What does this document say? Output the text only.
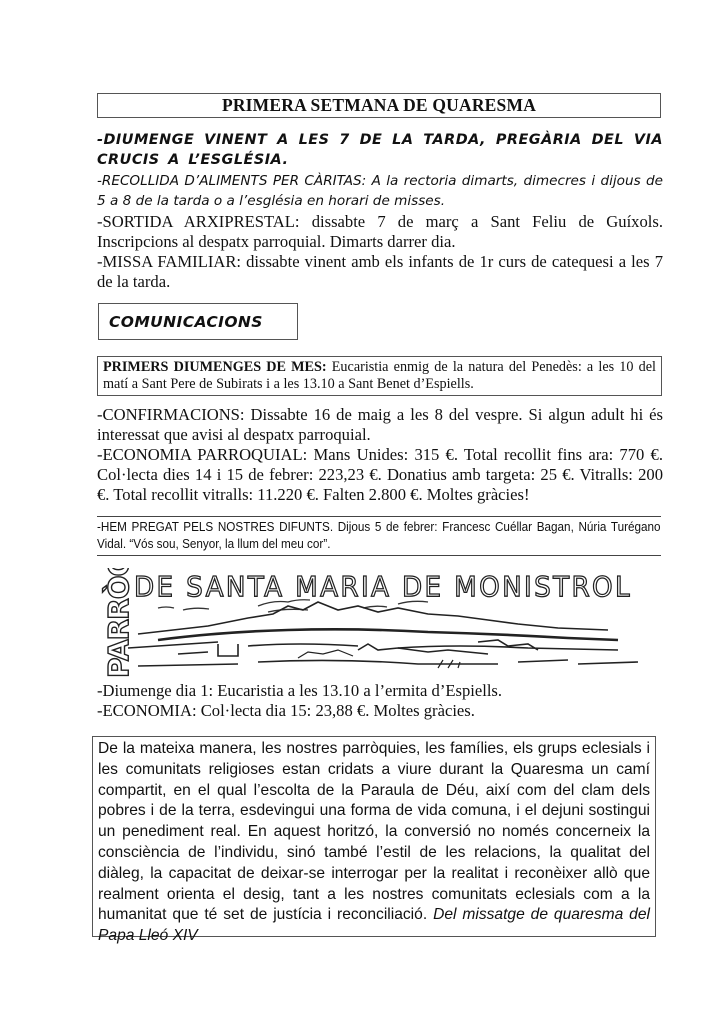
PRIMERA SETMANA DE QUARESMA
-DIUMENGE VINENT A LES 7 DE LA TARDA, PREGÀRIA DEL VIA CRUCIS A L’ESGLÉSIA.
-RECOLLIDA D’ALIMENTS PER CÀRITAS: A la rectoria dimarts, dimecres i dijous de 5 a 8 de la tarda o a l’església en horari de misses.
-SORTIDA ARXIPRESTAL: dissabte 7 de març a Sant Feliu de Guíxols. Inscripcions al despatx parroquial. Dimarts darrer dia.
-MISSA FAMILIAR: dissabte vinent amb els infants de 1r curs de catequesi a les 7 de la tarda.
COMUNICACIONS
PRIMERS DIUMENGES DE MES: Eucaristia enmig de la natura del Penedès: a les 10 del matí a Sant Pere de Subirats i a les 13.10 a Sant Benet d’Espiells.
-CONFIRMACIONS: Dissabte 16 de maig a les 8 del vespre. Si algun adult hi és interessat que avisi al despatx parroquial.
-ECONOMIA PARROQUIAL: Mans Unides: 315 €. Total recollit fins ara: 770 €. Col·lecta dies 14 i 15 de febrer: 223,23 €. Donatius amb targeta: 25 €. Vitralls: 200 €. Total recollit vitralls: 11.220 €. Falten 2.800 €. Moltes gràcies!
-HEM PREGAT PELS NOSTRES DIFUNTS. Dijous 5 de febrer: Francesc Cuéllar Bagan, Núria Turégano Vidal. “Vós sou, Senyor, la llum del meu cor”.
PARRÒQUIA DE SANTA MARIA DE MONISTROL
-Diumenge dia 1: Eucaristia a les 13.10 a l’ermita d’Espiells.
-ECONOMIA: Col·lecta dia 15: 23,88 €. Moltes gràcies.
De la mateixa manera, les nostres parròquies, les famílies, els grups eclesials i les comunitats religioses estan cridats a viure durant la Quaresma un camí compartit, en el qual l’escolta de la Paraula de Déu, així com del clam dels pobres i de la terra, esdevingui una forma de vida comuna, i el dejuni sostingui un penediment real. En aquest horitzó, la conversió no només concerneix la consciència de l’individu, sinó també l’estil de les relacions, la qualitat del diàleg, la capacitat de deixar-se interrogar per la realitat i reconèixer allò que realment orienta el desig, tant a les nostres comunitats eclesials com a la humanitat que té set de justícia i reconciliació. Del missatge de quaresma del Papa Lleó XIV
